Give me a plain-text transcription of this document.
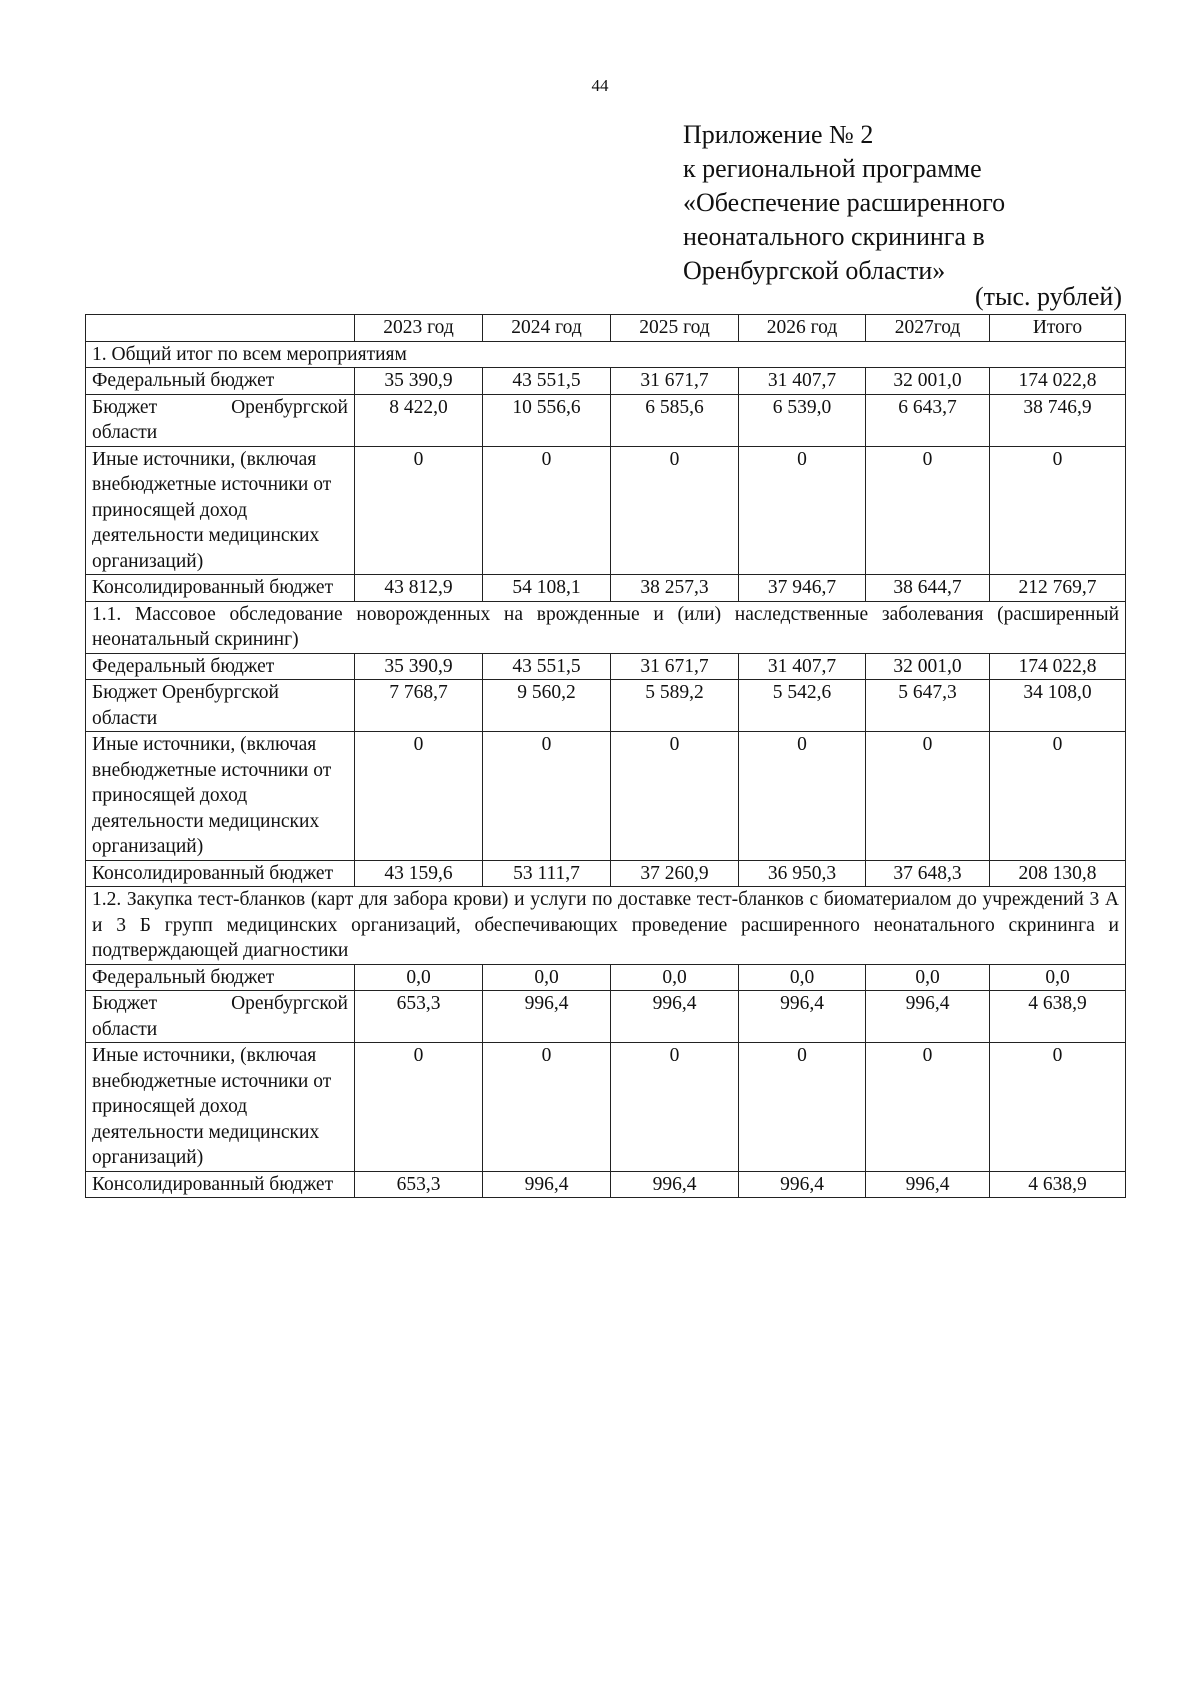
44
Приложение № 2
к региональной программе
«Обеспечение расширенного
неонатального скрининга в
Оренбургской области»
(тыс. рублей)
	2023 год	2024 год	2025 год	2026 год	2027год	Итого
1. Общий итог по всем мероприятиям						
Федеральный бюджет	35 390,9	43 551,5	31 671,7	31 407,7	32 001,0	174 022,8
Бюджет Оренбургской области	8 422,0	10 556,6	6 585,6	6 539,0	6 643,7	38 746,9
Иные источники, (включая внебюджетные источники от приносящей доход деятельности медицинских организаций)	0	0	0	0	0	0
Консолидированный бюджет	43 812,9	54 108,1	38 257,3	37 946,7	38 644,7	212 769,7
1.1. Массовое обследование новорожденных на врожденные и (или) наследственные заболевания (расширенный неонатальный скрининг)						
Федеральный бюджет	35 390,9	43 551,5	31 671,7	31 407,7	32 001,0	174 022,8
Бюджет Оренбургской области	7 768,7	9 560,2	5 589,2	5 542,6	5 647,3	34 108,0
Иные источники, (включая внебюджетные источники от приносящей доход деятельности медицинских организаций)	0	0	0	0	0	0
Консолидированный бюджет	43 159,6	53 111,7	37 260,9	36 950,3	37 648,3	208 130,8
1.2. Закупка тест-бланков (карт для забора крови) и услуги по доставке тест-бланков с биоматериалом до учреждений 3 А и 3 Б групп медицинских организаций, обеспечивающих проведение расширенного неонатального скрининга и подтверждающей диагностики						
Федеральный бюджет	0,0	0,0	0,0	0,0	0,0	0,0
Бюджет Оренбургской области	653,3	996,4	996,4	996,4	996,4	4 638,9
Иные источники, (включая внебюджетные источники от приносящей доход деятельности медицинских организаций)	0	0	0	0	0	0
Консолидированный бюджет	653,3	996,4	996,4	996,4	996,4	4 638,9
